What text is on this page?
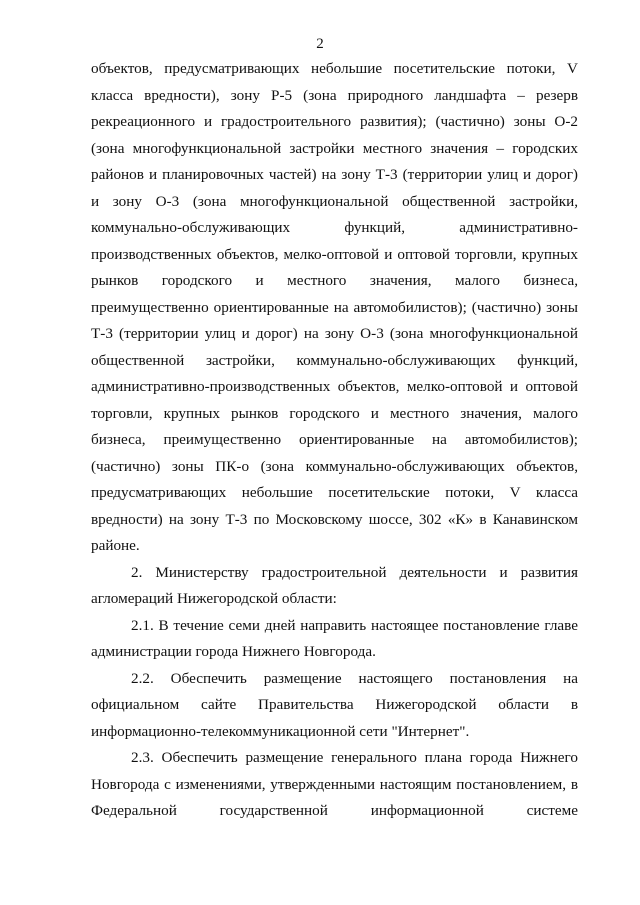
2
объектов, предусматривающих небольшие посетительские потоки, V
класса вредности), зону Р-5 (зона природного ландшафта – резерв
рекреационного и градостроительного развития); (частично) зоны О-2
(зона многофункциональной застройки местного значения – городских
районов и планировочных частей) на зону Т-3 (территории улиц и дорог)
и зону О-3 (зона многофункциональной общественной застройки,
коммунально-обслуживающих функций, административно-
производственных объектов, мелко-оптовой и оптовой торговли, крупных
рынков городского и местного значения, малого бизнеса,
преимущественно ориентированные на автомобилистов); (частично) зоны
Т-3 (территории улиц и дорог) на зону О-3 (зона многофункциональной
общественной застройки, коммунально-обслуживающих функций,
административно-производственных объектов, мелко-оптовой и оптовой
торговли, крупных рынков городского и местного значения, малого
бизнеса, преимущественно ориентированные на автомобилистов);
(частично) зоны ПК-о (зона коммунально-обслуживающих объектов,
предусматривающих небольшие посетительские потоки, V класса
вредности) на зону Т-3 по Московскому шоссе, 302 «К» в Канавинском
районе.
2. Министерству градостроительной деятельности и развития
агломераций Нижегородской области:
2.1. В течение семи дней направить настоящее постановление главе
администрации города Нижнего Новгорода.
2.2. Обеспечить размещение настоящего постановления на
официальном сайте Правительства Нижегородской области в
информационно-телекоммуникационной сети "Интернет".
2.3. Обеспечить размещение генерального плана города Нижнего
Новгорода с изменениями, утвержденными настоящим постановлением, в
Федеральной государственной информационной системе
